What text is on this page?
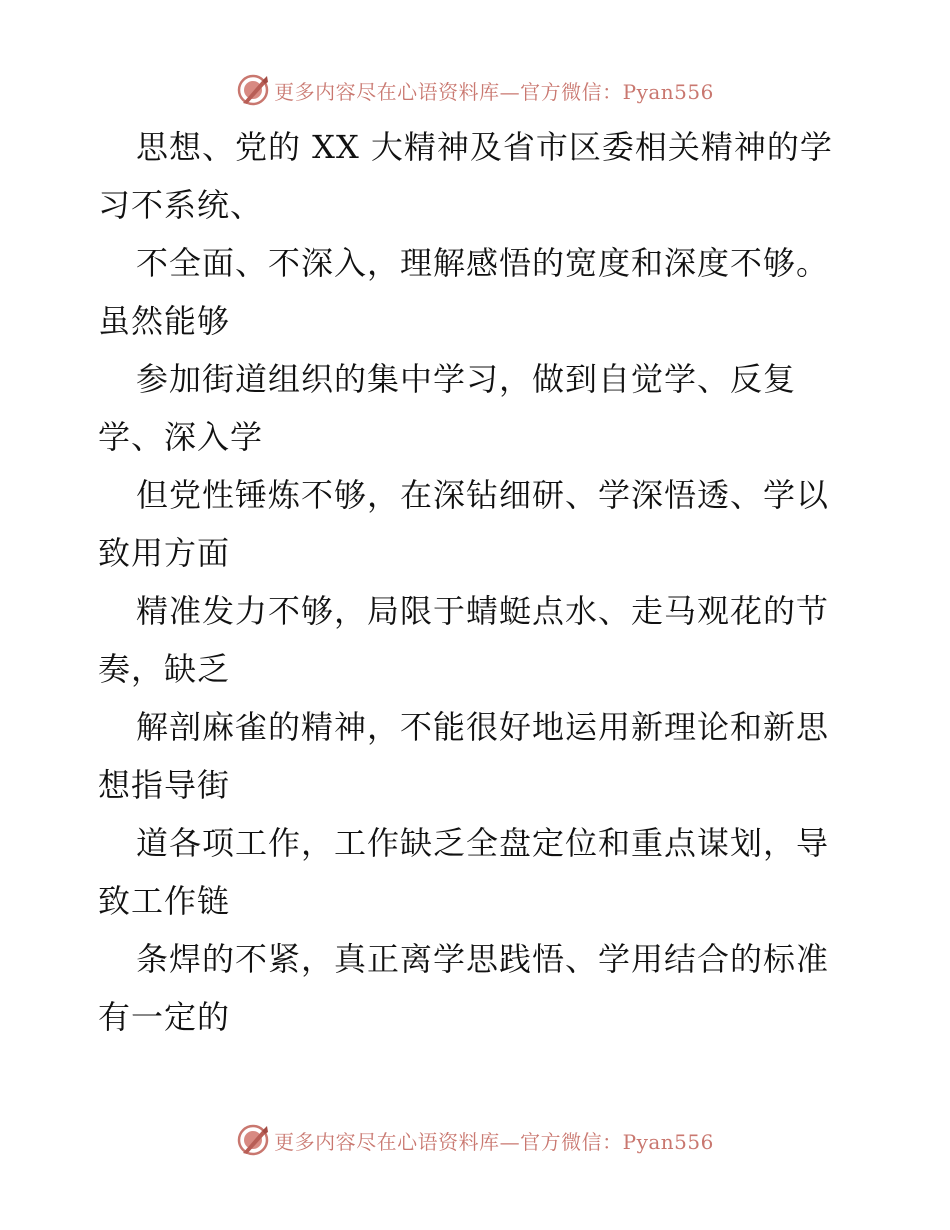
更多内容尽在心语资料库—官方微信：Pyan556
思想、党的 XX 大精神及省市区委相关精神的学
习不系统、
不全面、不深入，理解感悟的宽度和深度不够。
虽然能够
参加街道组织的集中学习，做到自觉学、反复
学、深入学
但党性锤炼不够，在深钻细研、学深悟透、学以
致用方面
精准发力不够，局限于蜻蜓点水、走马观花的节
奏，缺乏
解剖麻雀的精神，不能很好地运用新理论和新思
想指导街
道各项工作，工作缺乏全盘定位和重点谋划，导
致工作链
条焊的不紧，真正离学思践悟、学用结合的标准
有一定的
更多内容尽在心语资料库—官方微信：Pyan556
